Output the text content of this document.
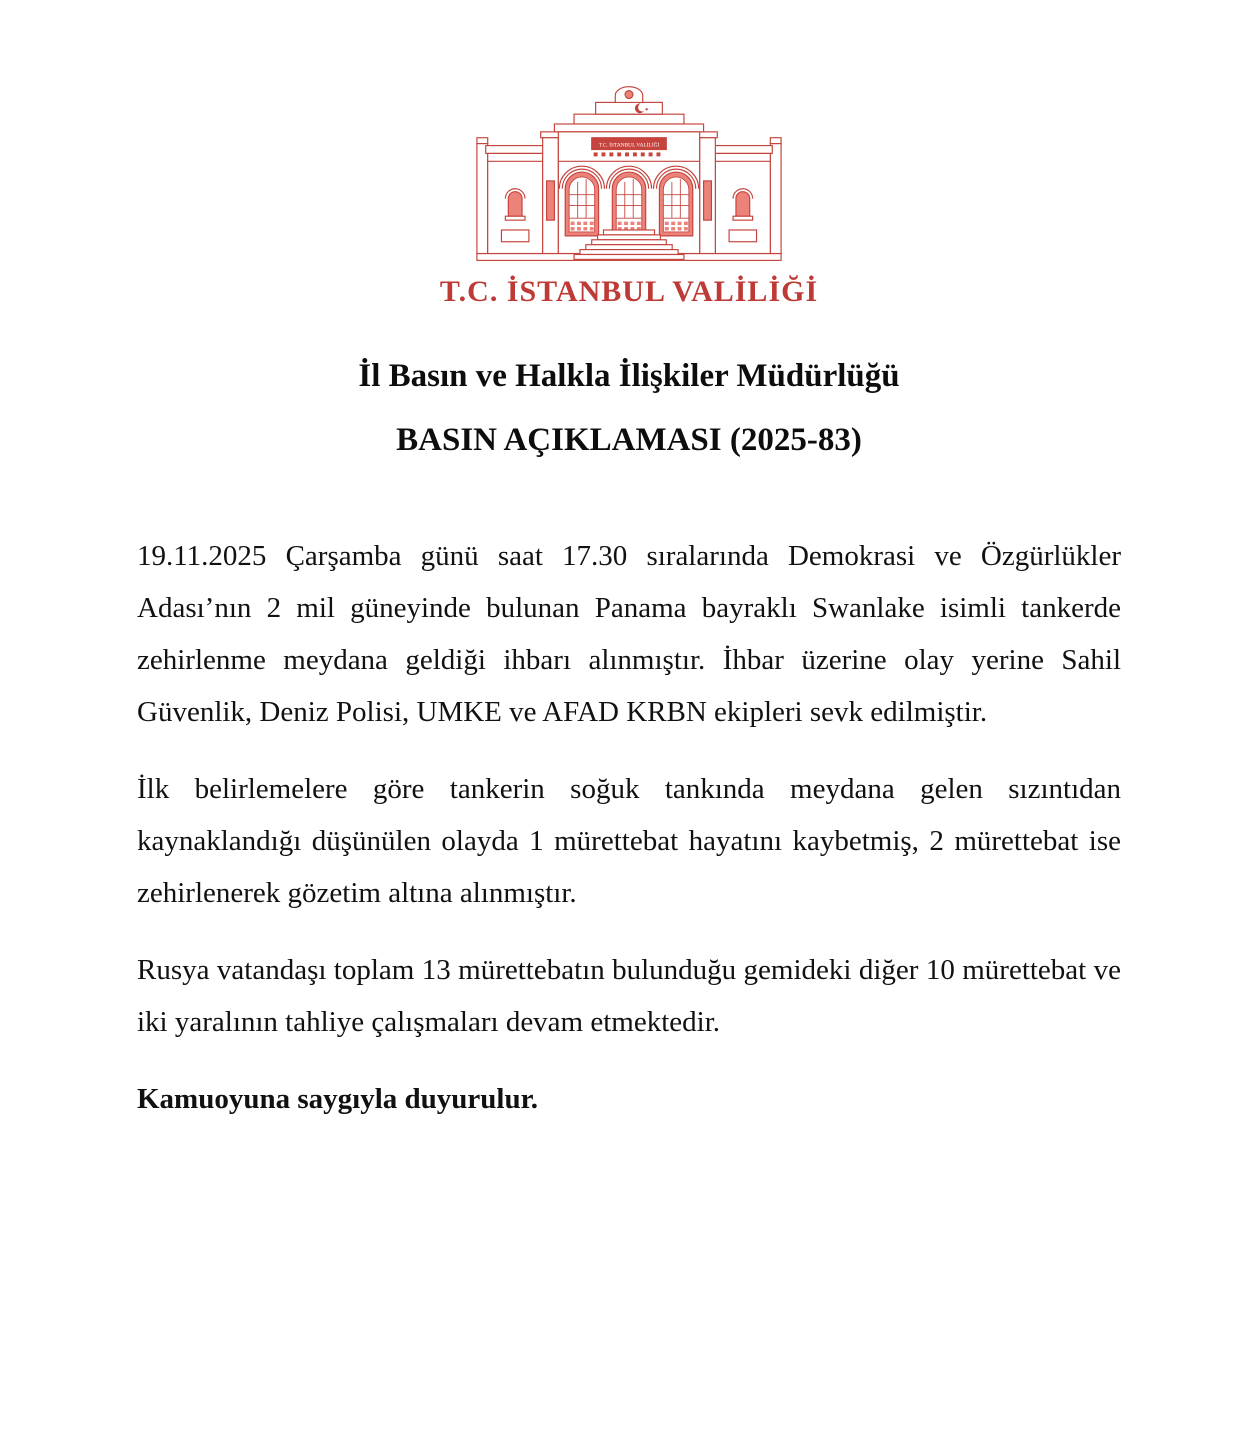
T.C. İSTANBUL VALİLİĞİ
T.C. İSTANBUL VALİLİĞİ
İl Basın ve Halkla İlişkiler Müdürlüğü
BASIN AÇIKLAMASI (2025-83)

19.11.2025 Çarşamba günü saat 17.30 sıralarında Demokrasi ve Özgürlükler Adası’nın 2 mil güneyinde bulunan Panama bayraklı Swanlake isimli tankerde zehirlenme meydana geldiği ihbarı alınmıştır. İhbar üzerine olay yerine Sahil Güvenlik, Deniz Polisi, UMKE ve AFAD KRBN ekipleri sevk edilmiştir.

İlk belirlemelere göre tankerin soğuk tankında meydana gelen sızıntıdan kaynaklandığı düşünülen olayda 1 mürettebat hayatını kaybetmiş, 2 mürettebat ise zehirlenerek gözetim altına alınmıştır.

Rusya vatandaşı toplam 13 mürettebatın bulunduğu gemideki diğer 10 mürettebat ve iki yaralının tahliye çalışmaları devam etmektedir.

Kamuoyuna saygıyla duyurulur.
